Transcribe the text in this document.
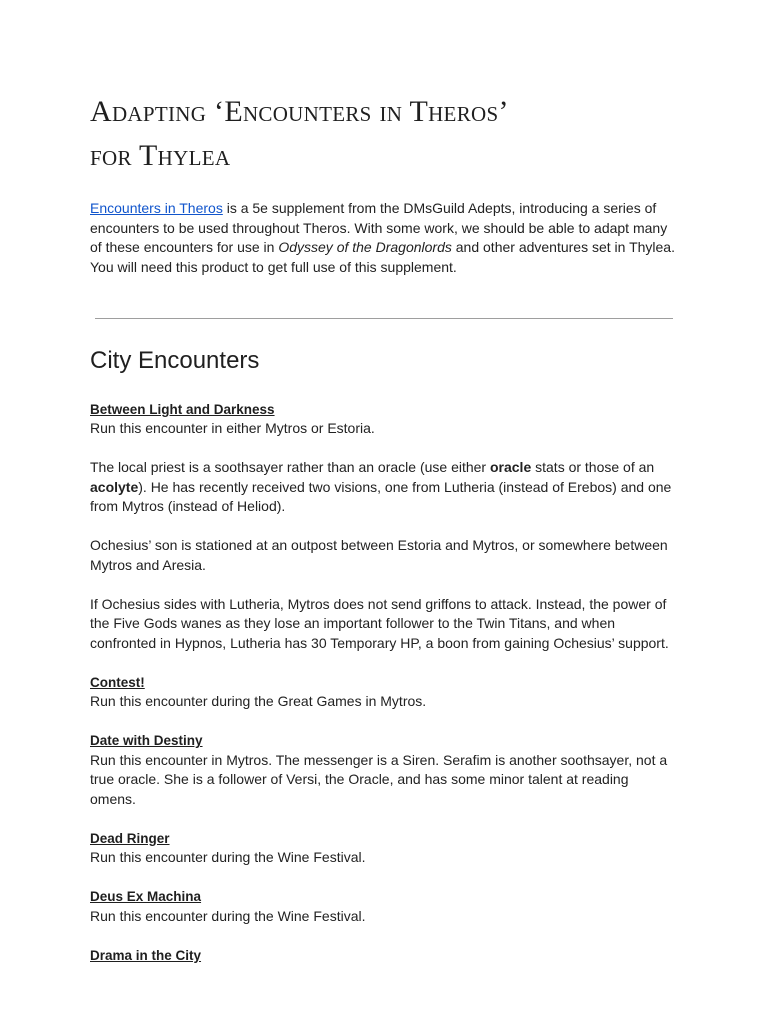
Adapting ‘Encounters in Theros’
for Thylea
Encounters in Theros is a 5e supplement from the DMsGuild Adepts, introducing a series of encounters to be used throughout Theros. With some work, we should be able to adapt many of these encounters for use in Odyssey of the Dragonlords and other adventures set in Thylea. You will need this product to get full use of this supplement.
City Encounters
Between Light and Darkness

Run this encounter in either Mytros or Estoria.

The local priest is a soothsayer rather than an oracle (use either oracle stats or those of an acolyte). He has recently received two visions, one from Lutheria (instead of Erebos) and one from Mytros (instead of Heliod).

Ochesius’ son is stationed at an outpost between Estoria and Mytros, or somewhere between Mytros and Aresia.

If Ochesius sides with Lutheria, Mytros does not send griffons to attack. Instead, the power of the Five Gods wanes as they lose an important follower to the Twin Titans, and when confronted in Hypnos, Lutheria has 30 Temporary HP, a boon from gaining Ochesius’ support.

Contest!

Run this encounter during the Great Games in Mytros.

Date with Destiny

Run this encounter in Mytros. The messenger is a Siren. Serafim is another soothsayer, not a true oracle. She is a follower of Versi, the Oracle, and has some minor talent at reading omens.

Dead Ringer

Run this encounter during the Wine Festival.

Deus Ex Machina

Run this encounter during the Wine Festival.

Drama in the City
